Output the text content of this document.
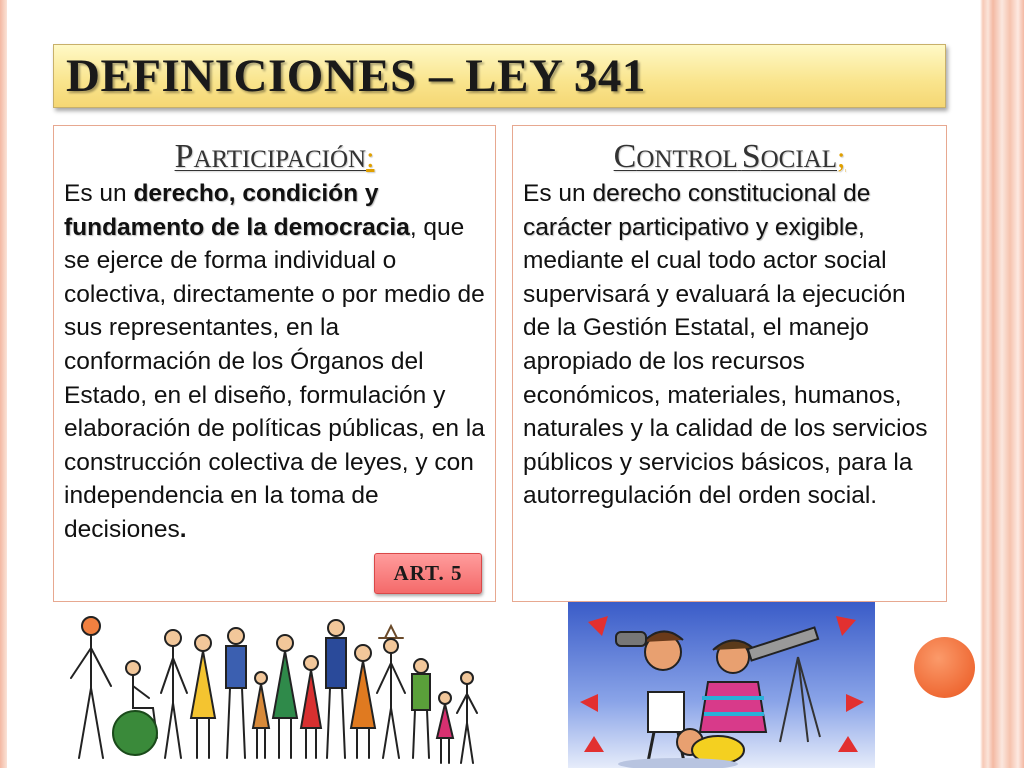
DEFINICIONES – LEY 341
PARTICIPACIÓN:
Es un derecho, condición y fundamento de la democracia, que se ejerce de forma individual o colectiva, directamente o por medio de sus representantes, en la conformación de los Órganos del Estado, en el diseño, formulación y elaboración de políticas públicas, en la construcción colectiva de leyes, y con independencia en la toma de decisiones.
ART. 5
CONTROL SOCIAL;
Es un derecho constitucional de carácter participativo y exigible, mediante el cual todo actor social supervisará y evaluará la ejecución de la Gestión Estatal, el manejo apropiado de los recursos económicos, materiales, humanos, naturales y la calidad de los servicios públicos y servicios básicos, para la autorregulación del orden social.
